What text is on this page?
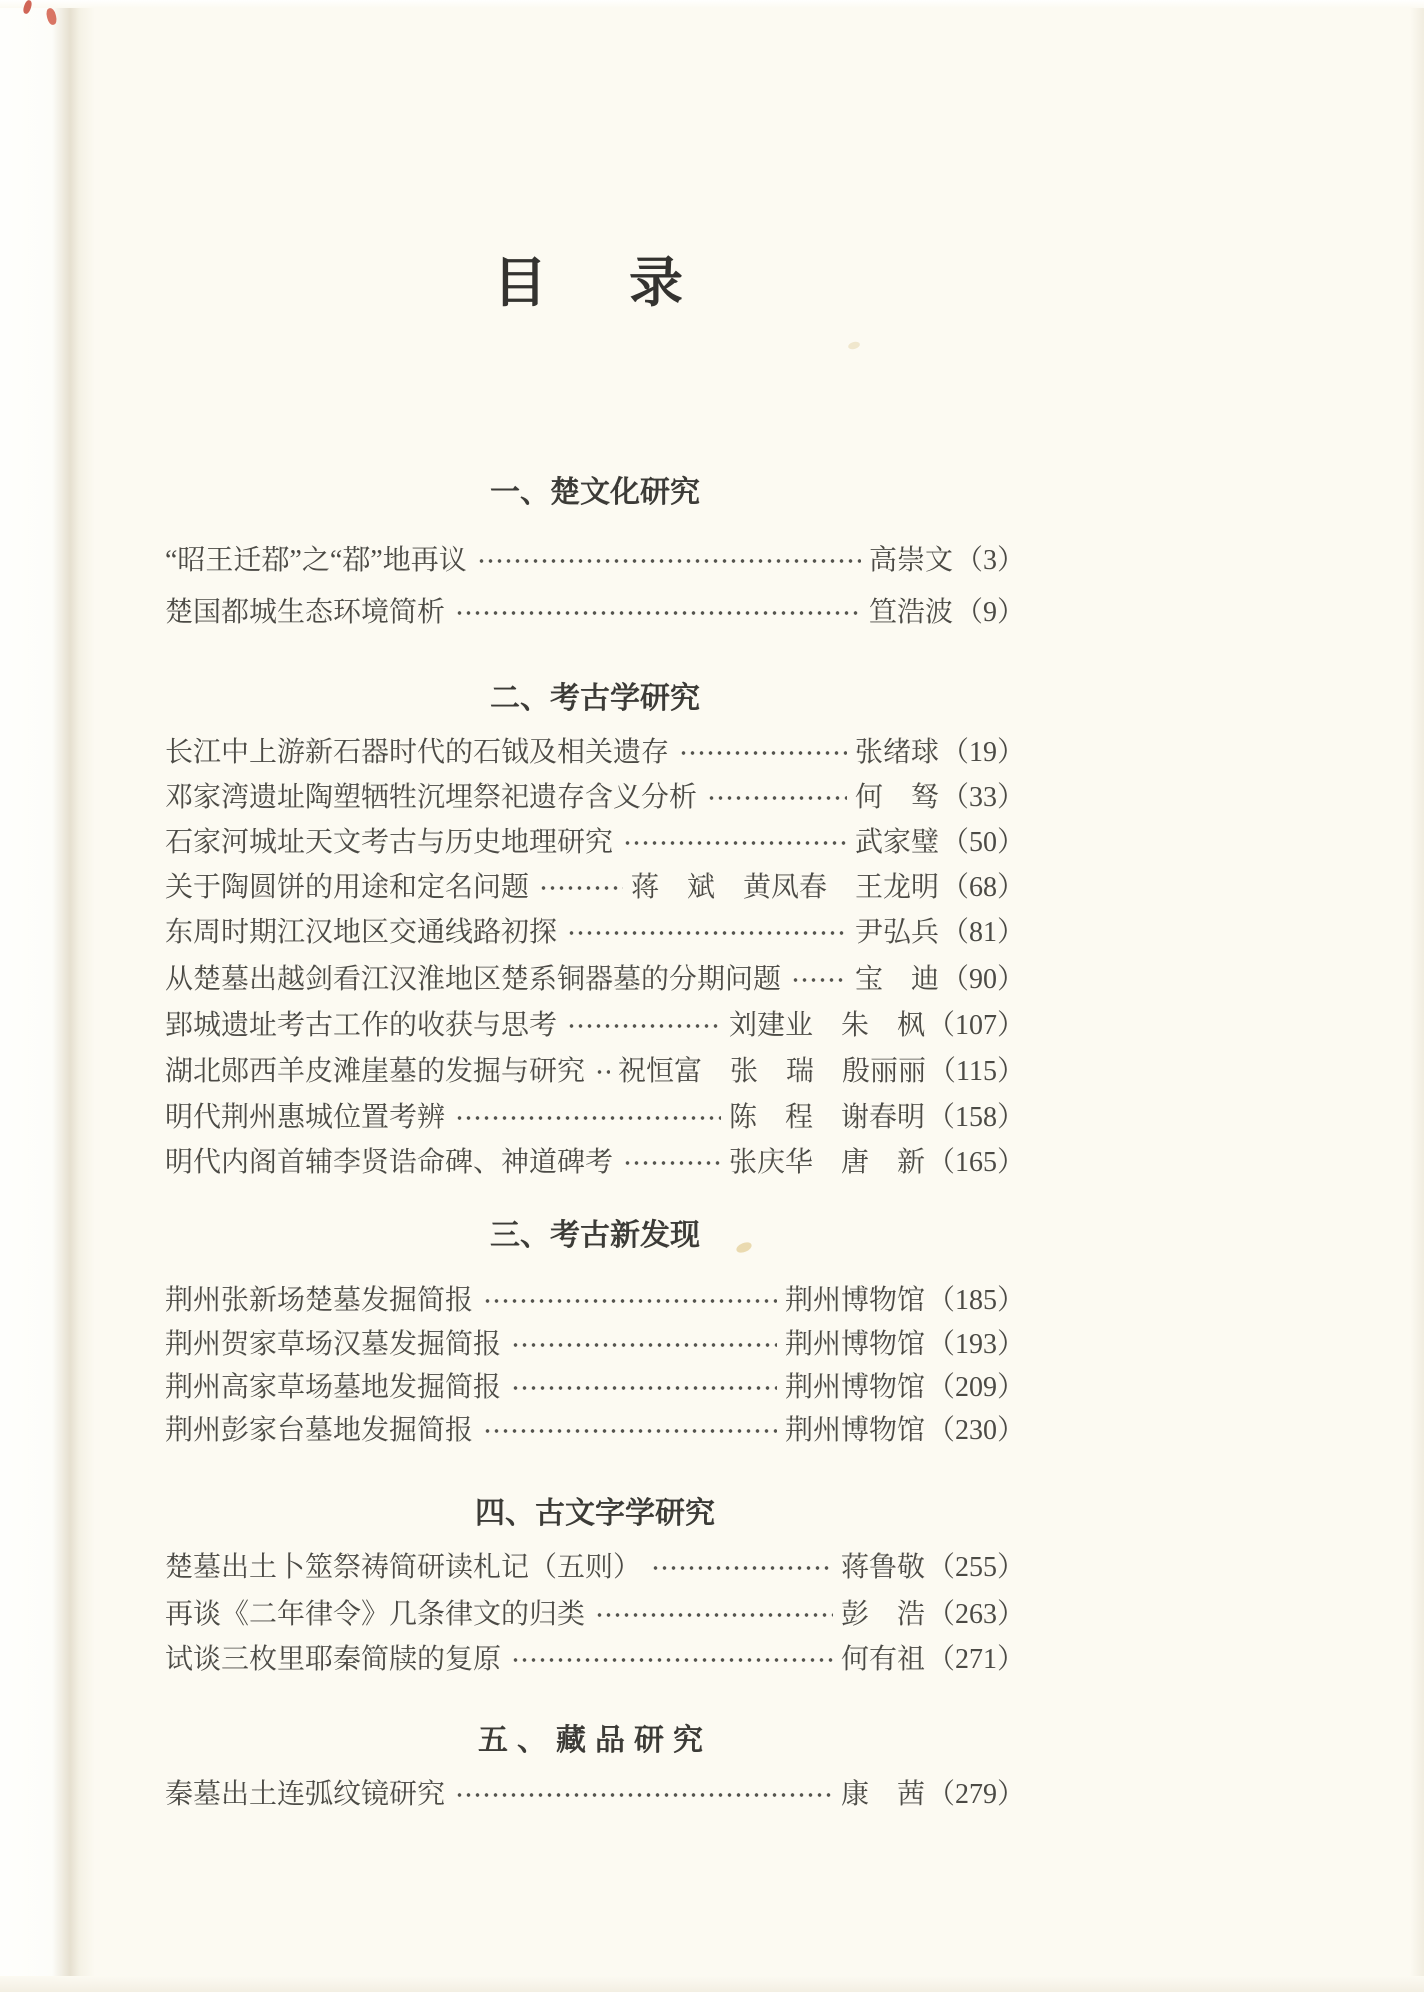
目　录
一、楚文化研究
“昭王迁鄀”之“鄀”地再议	高崇文 （3）
楚国都城生态环境简析	笪浩波 （9）
二、考古学研究
长江中上游新石器时代的石钺及相关遗存	张绪球 （19）
邓家湾遗址陶塑牺牲沉埋祭祀遗存含义分析	何　驽 （33）
石家河城址天文考古与历史地理研究	武家璧 （50）
关于陶圆饼的用途和定名问题	蒋　斌　黄凤春　王龙明 （68）
东周时期江汉地区交通线路初探	尹弘兵 （81）
从楚墓出越剑看江汉淮地区楚系铜器墓的分期问题	宝　迪 （90）
郢城遗址考古工作的收获与思考	刘建业　朱　枫 （107）
湖北郧西羊皮滩崖墓的发掘与研究 祝恒富　张　瑞　殷丽丽 （115）
明代荆州惠城位置考辨	陈　程　谢春明 （158）
明代内阁首辅李贤诰命碑、神道碑考	张庆华　唐　新 （165）
三、考古新发现
荆州张新场楚墓发掘简报	荆州博物馆 （185）
荆州贺家草场汉墓发掘简报	荆州博物馆 （193）
荆州高家草场墓地发掘简报	荆州博物馆 （209）
荆州彭家台墓地发掘简报	荆州博物馆 （230）
四、古文字学研究
楚墓出土卜筮祭祷简研读札记（五则）	蒋鲁敬 （255）
再谈《二年律令》几条律文的归类	彭　浩 （263）
试谈三枚里耶秦简牍的复原	何有祖 （271）
五、藏品研究
秦墓出土连弧纹镜研究	康　茜 （279）
